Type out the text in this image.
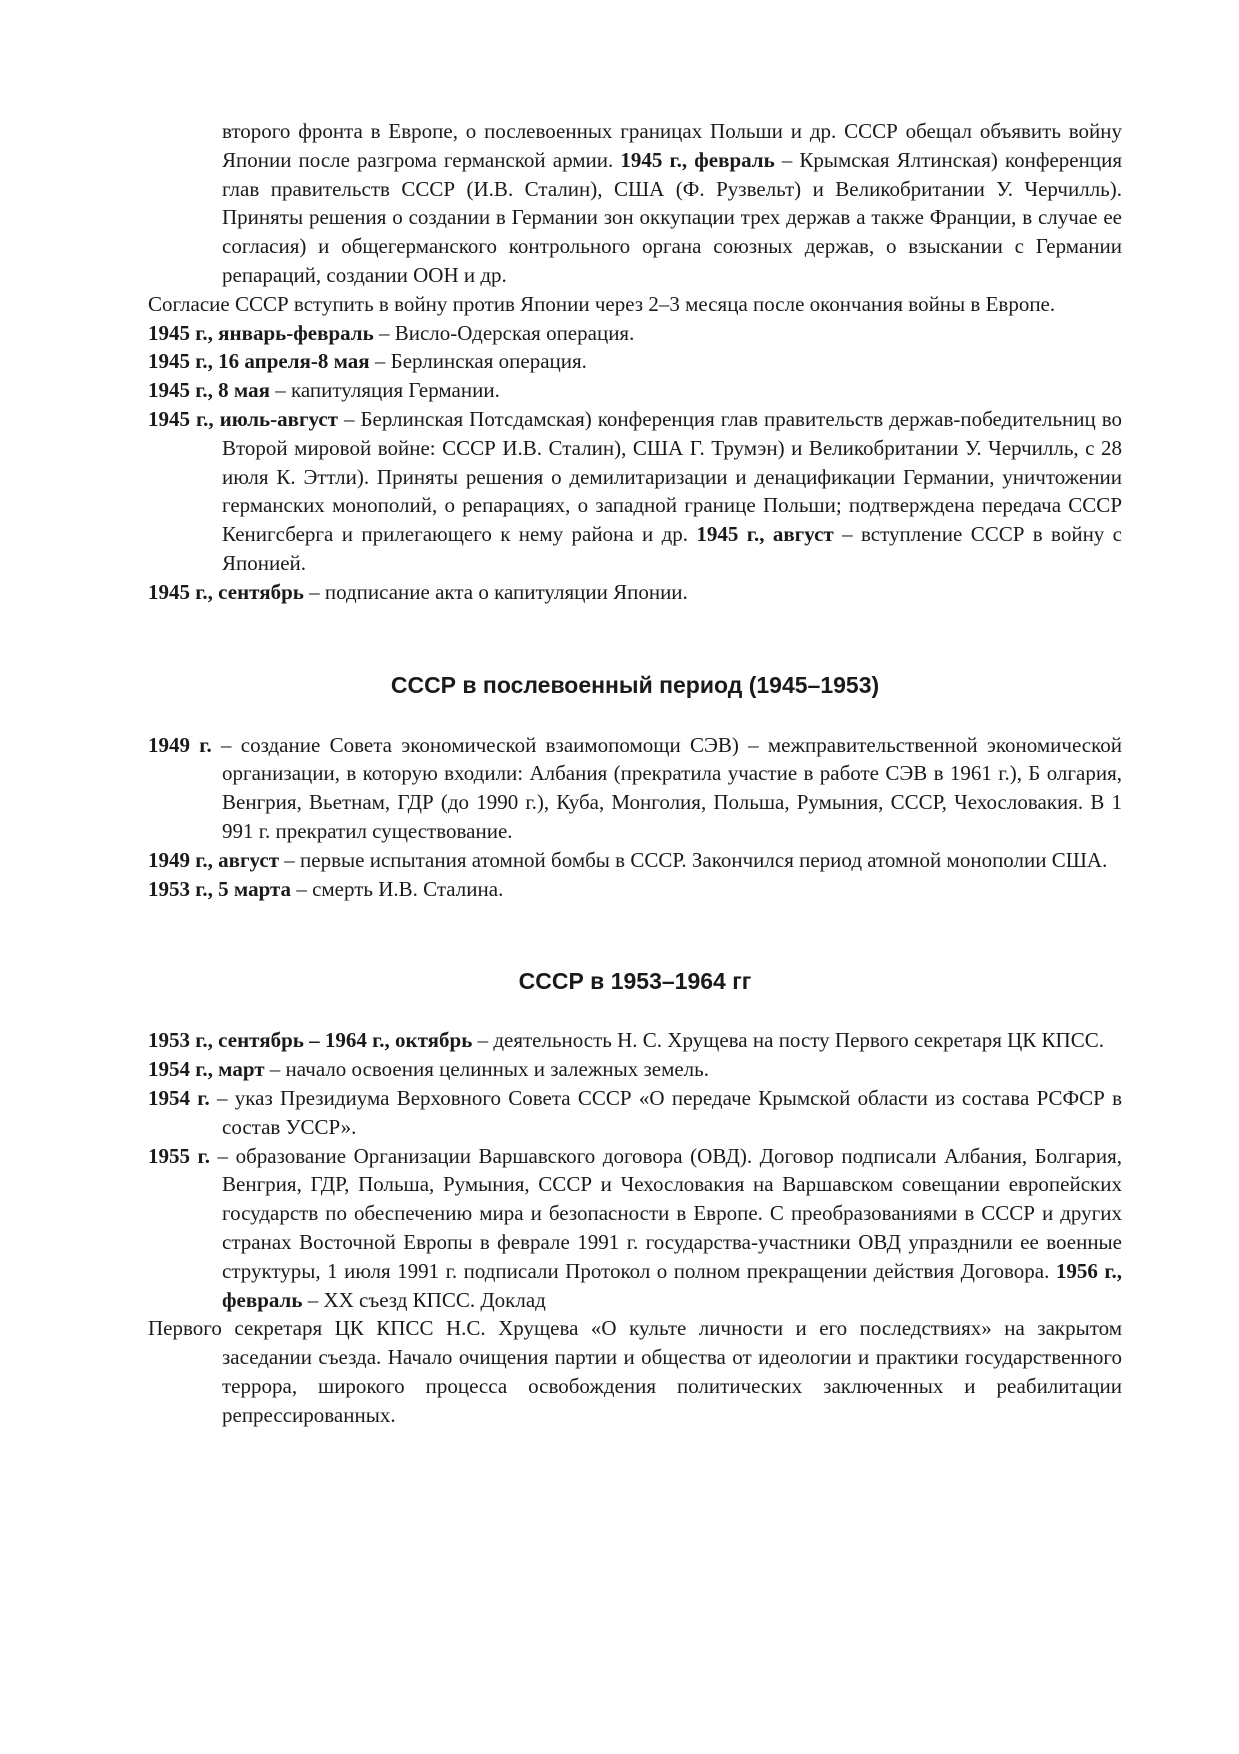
второго фронта в Европе, о послевоенных границах Польши и др. СССР обещал объявить войну Японии после разгрома германской армии. 1945 г., февраль – Крымская Ялтинская) конференция глав правительств СССР (И.В. Сталин), США (Ф. Рузвельт) и Великобритании У. Черчилль). Приняты решения о создании в Германии зон оккупации трех держав а также Франции, в случае ее согласия) и общегерманского контрольного органа союзных держав, о взыскании с Германии репараций, создании ООН и др.

Согласие СССР вступить в войну против Японии через 2–3 месяца после окончания войны в Европе.

1945 г., январь-февраль – Висло-Одерская операция.

1945 г., 16 апреля-8 мая – Берлинская операция.

1945 г., 8 мая – капитуляция Германии.

1945 г., июль-август – Берлинская Потсдамская) конференция глав правительств держав-победительниц во Второй мировой войне: СССР И.В. Сталин), США Г. Трумэн) и Великобритании У. Черчилль, с 28 июля К. Эттли). Приняты решения о демилитаризации и денацификации Германии, уничтожении германских монополий, о репарациях, о западной границе Польши; подтверждена передача СССР Кенигсберга и прилегающего к нему района и др. 1945 г., август – вступление СССР в войну с Японией.

1945 г., сентябрь – подписание акта о капитуляции Японии.

СССР в послевоенный период (1945–1953)

1949 г. – создание Совета экономической взаимопомощи СЭВ) – межправительственной экономической организации, в которую входили: Албания (прекратила участие в работе СЭВ в 1961 г.), Б олгария, Венгрия, Вьетнам, ГДР (до 1990 г.), Куба, Монголия, Польша, Румыния, СССР, Чехословакия. В 1 991 г. прекратил существование.

1949 г., август – первые испытания атомной бомбы в СССР. Закончился период атомной монополии США.

1953 г., 5 марта – смерть И.В. Сталина.

СССР в 1953–1964 гг

1953 г., сентябрь – 1964 г., октябрь – деятельность Н. С. Хрущева на посту Первого секретаря ЦК КПСС.

1954 г., март – начало освоения целинных и залежных земель.

1954 г. – указ Президиума Верховного Совета СССР «О передаче Крымской области из состава РСФСР в состав УССР».

1955 г. – образование Организации Варшавского договора (ОВД). Договор подписали Албания, Болгария, Венгрия, ГДР, Польша, Румыния, СССР и Чехословакия на Варшавском совещании европейских государств по обеспечению мира и безопасности в Европе. С преобразованиями в СССР и других странах Восточной Европы в феврале 1991 г. государства-участники ОВД упразднили ее военные структуры, 1 июля 1991 г. подписали Протокол о полном прекращении действия Договора. 1956 г., февраль – XX съезд КПСС. Доклад

Первого секретаря ЦК КПСС Н.С. Хрущева «О культе личности и его последствиях» на закрытом заседании съезда. Начало очищения партии и общества от идеологии и практики государственного террора, широкого процесса освобождения политических заключенных и реабилитации репрессированных.
